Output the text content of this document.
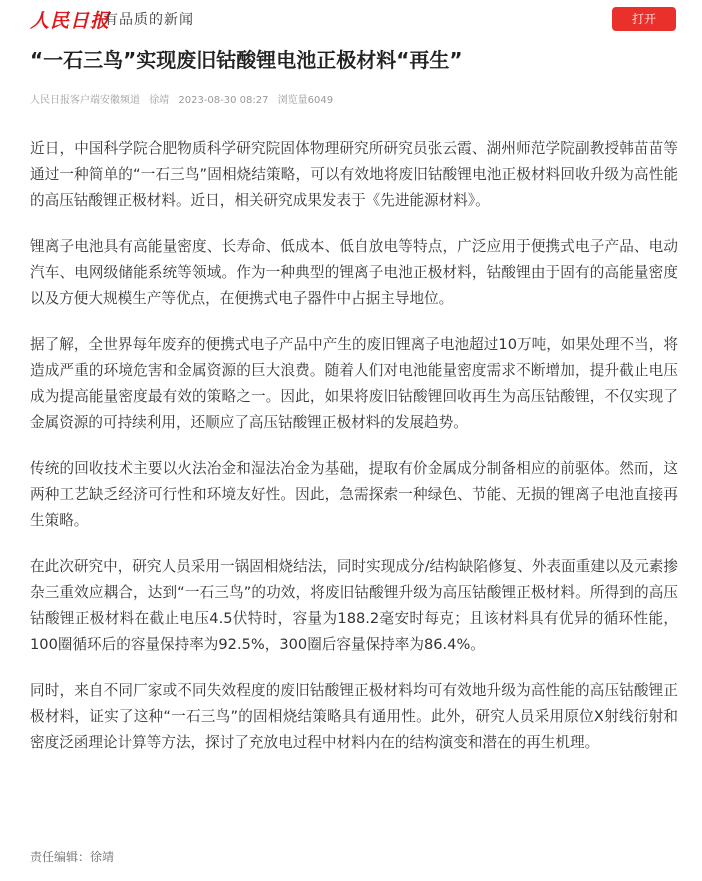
人民日报
有品质的新闻	打开
“一石三鸟”实现废旧钴酸锂电池正极材料“再生”
人民日报客户端安徽频道 徐靖 2023-08-30 08:27 浏览量6049

近日，中国科学院合肥物质科学研究院固体物理研究所研究员张云霞、湖州师范学院副教授韩苗苗等通过一种简单的“一石三鸟”固相烧结策略，可以有效地将废旧钴酸锂电池正极材料回收升级为高性能的高压钴酸锂正极材料。近日，相关研究成果发表于《先进能源材料》。

锂离子电池具有高能量密度、长寿命、低成本、低自放电等特点，广泛应用于便携式电子产品、电动汽车、电网级储能系统等领域。作为一种典型的锂离子电池正极材料，钴酸锂由于固有的高能量密度以及方便大规模生产等优点，在便携式电子器件中占据主导地位。

据了解，全世界每年废弃的便携式电子产品中产生的废旧锂离子电池超过10万吨，如果处理不当，将造成严重的环境危害和金属资源的巨大浪费。随着人们对电池能量密度需求不断增加，提升截止电压成为提高能量密度最有效的策略之一。因此，如果将废旧钴酸锂回收再生为高压钴酸锂，不仅实现了金属资源的可持续利用，还顺应了高压钴酸锂正极材料的发展趋势。

传统的回收技术主要以火法冶金和湿法冶金为基础，提取有价金属成分制备相应的前驱体。然而，这两种工艺缺乏经济可行性和环境友好性。因此，急需探索一种绿色、节能、无损的锂离子电池直接再生策略。

在此次研究中，研究人员采用一锅固相烧结法，同时实现成分/结构缺陷修复、外表面重建以及元素掺杂三重效应耦合，达到“一石三鸟”的功效，将废旧钴酸锂升级为高压钴酸锂正极材料。所得到的高压钴酸锂正极材料在截止电压4.5伏特时，容量为188.2毫安时每克；且该材料具有优异的循环性能，100圈循环后的容量保持率为92.5%，300圈后容量保持率为86.4%。

同时，来自不同厂家或不同失效程度的废旧钴酸锂正极材料均可有效地升级为高性能的高压钴酸锂正极材料，证实了这种“一石三鸟”的固相烧结策略具有通用性。此外，研究人员采用原位X射线衍射和密度泛函理论计算等方法，探讨了充放电过程中材料内在的结构演变和潜在的再生机理。

责任编辑：徐靖
